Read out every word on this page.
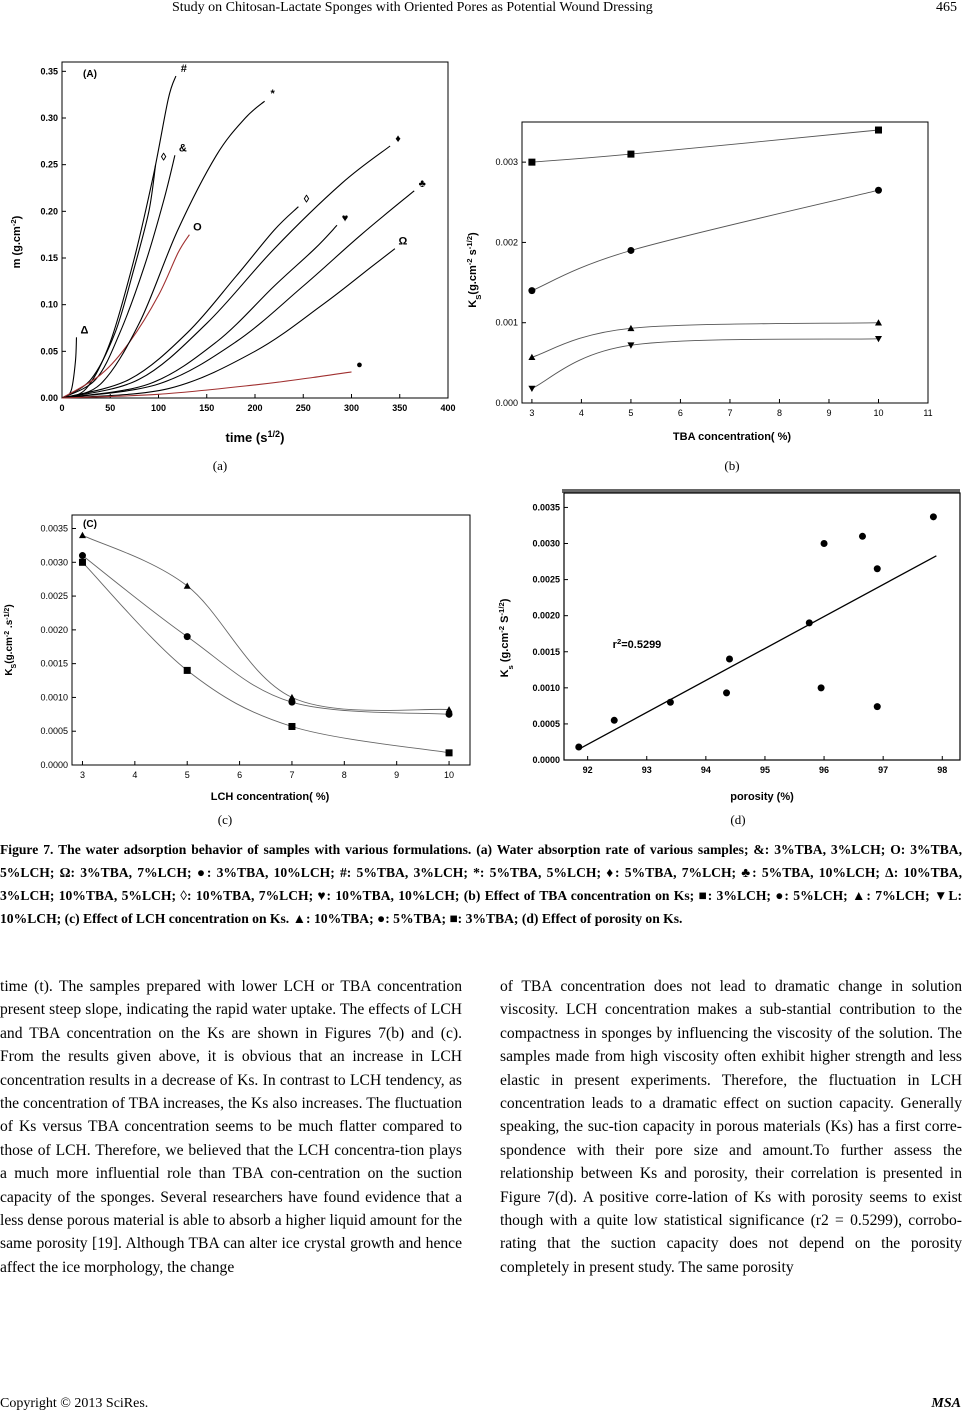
Study on Chitosan-Lactate Sponges with Oriented Pores as Potential Wound Dressing	465
0	50	100	150	200	250	300	350	400
0.00
0.05
0.10
0.15
0.20
0.25
0.30
0.35	(A)
time $(s^{1/2})$
m $(g.cm^{-2})$
Δ
#
◊
&
O
*
◊
♦
♥
♣
Ω
●
(a)
3	4	5	6	7	8	9	10	11
0.000
0.001
0.002
0.003
TBA concentration( %)
$K_S(g.cm^{-2}$ $s^{-1/2}$)
(b)
3	4	5	6	7	8	9	10
0.0000
0.0005
0.0010
0.0015
0.0020
0.0025
0.0030
0.0035 (C)
LCH concentration( %)
$K_S(g.cm^{-2}$ $.s^{-1/2}$)
(c)
92	93	94	95	96	97	98
0.0000
0.0005
0.0010
0.0015
0.0020
0.0025
0.0030
0.0035
porosity (%)
$K_s$ ($g.cm^{-2}$ $S^{-1/2}$)
$r^2=0.5299$
(d)
Figure 7. The water adsorption behavior of samples with various formulations. (a) Water absorption rate of various samples; &: 3%TBA, 3%LCH; O: 3%TBA, 5%LCH; Ω: 3%TBA, 7%LCH; ●: 3%TBA, 10%LCH; #: 5%TBA, 3%LCH; *: 5%TBA, 5%LCH; ♦: 5%TBA, 7%LCH; ♣: 5%TBA, 10%LCH; Δ: 10%TBA, 3%LCH; 10%TBA, 5%LCH; ◊: 10%TBA, 7%LCH; ♥: 10%TBA, 10%LCH; (b) Effect of TBA concentration on Ks; ■: 3%LCH; ●: 5%LCH; ▲: 7%LCH; ▼L: 10%LCH; (c) Effect of LCH concentration on Ks. ▲: 10%TBA; ●: 5%TBA; ■: 3%TBA; (d) Effect of porosity on Ks.

time (t). The samples prepared with lower LCH or TBA concentration present steep slope, indicating the rapid water uptake. The effects of LCH and TBA concentration on the Ks are shown in Figures 7(b) and (c). From the results given above, it is obvious that an increase in LCH concentration results in a decrease of Ks. In contrast to LCH tendency, as the concentration of TBA increases, the Ks also increases. The fluctuation of Ks versus TBA concentration seems to be much flatter compared to those of LCH. Therefore, we believed that the LCH concentra-tion plays a much more influential role than TBA con-centration on the suction capacity of the sponges. Several researchers have found evidence that a less dense porous material is able to absorb a higher liquid amount for the same porosity [19]. Although TBA can alter ice crystal growth and hence affect the ice morphology, the change

of TBA concentration does not lead to dramatic change in solution viscosity. LCH concentration makes a sub-stantial contribution to the compactness in sponges by influencing the viscosity of the solution. The samples made from high viscosity often exhibit higher strength and less elastic in present experiments. Therefore, the fluctuation in LCH concentration leads to a dramatic effect on suction capacity. Generally speaking, the suc-tion capacity in porous materials (Ks) has a first corre-spondence with their pore size and amount.To further assess the relationship between Ks and porosity, their correlation is presented in Figure 7(d). A positive corre-lation of Ks with porosity seems to exist though with a quite low statistical significance (r2 = 0.5299), corrobo-rating that the suction capacity does not depend on the porosity completely in present study. The same porosity

Copyright © 2013 SciRes.	MSA
